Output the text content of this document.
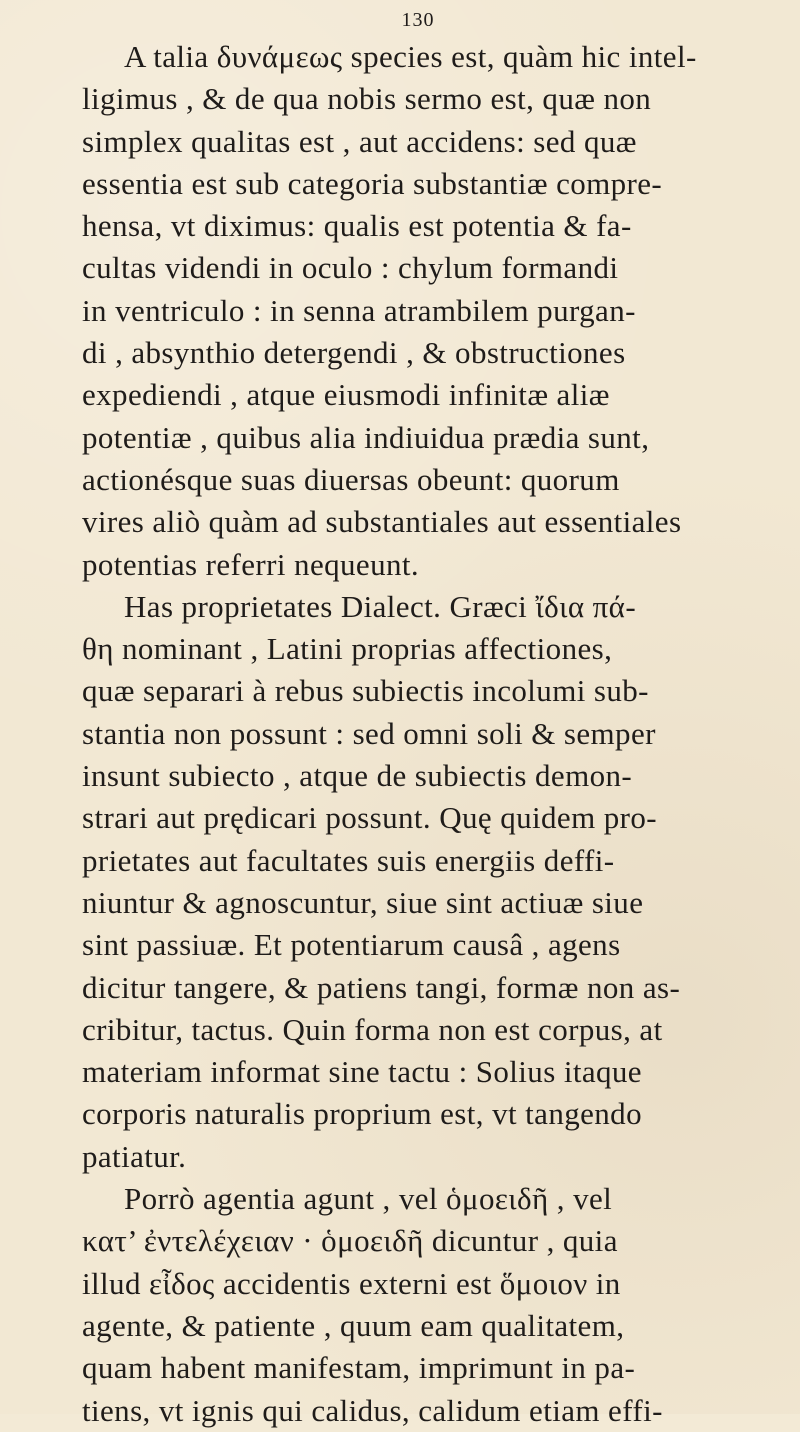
130
A talia δυνάμεως species est, quàm hic intel-
ligimus , & de qua nobis sermo est, quæ non
simplex qualitas est , aut accidens: sed quæ
essentia est sub categoria substantiæ compre-
hensa, vt diximus: qualis est potentia & fa-
cultas videndi in oculo : chylum formandi
in ventriculo : in senna atrambilem purgan-
di , absynthio detergendi , & obstructiones
expediendi , atque eiusmodi infinitæ aliæ
potentiæ , quibus alia indiuidua prædia sunt,
actionésque suas diuersas obeunt: quorum
vires aliò quàm ad substantiales aut essentiales
potentias referri nequeunt.
Has proprietates Dialect. Græci ἴδια πά-
θη nominant , Latini proprias affectiones,
quæ separari à rebus subiectis incolumi sub-
stantia non possunt : sed omni soli & semper
insunt subiecto , atque de subiectis demon-
strari aut prędicari possunt. Quę quidem pro-
prietates aut facultates suis energiis deffi-
niuntur & agnoscuntur, siue sint actiuæ siue
sint passiuæ. Et potentiarum causâ , agens
dicitur tangere, & patiens tangi, formæ non as-
cribitur, tactus. Quin forma non est corpus, at
materiam informat sine tactu : Solius itaque
corporis naturalis proprium est, vt tangendo
patiatur.
Porrò agentia agunt , vel ὁμοειδῆ , vel
κατ’ ἐντελέχειαν · ὁμοειδῆ dicuntur , quia
illud εἶδος accidentis externi est ὅμοιον in
agente, & patiente , quum eam qualitatem,
quam habent manifestam, imprimunt in pa-
tiens, vt ignis qui calidus, calidum etiam effi-
